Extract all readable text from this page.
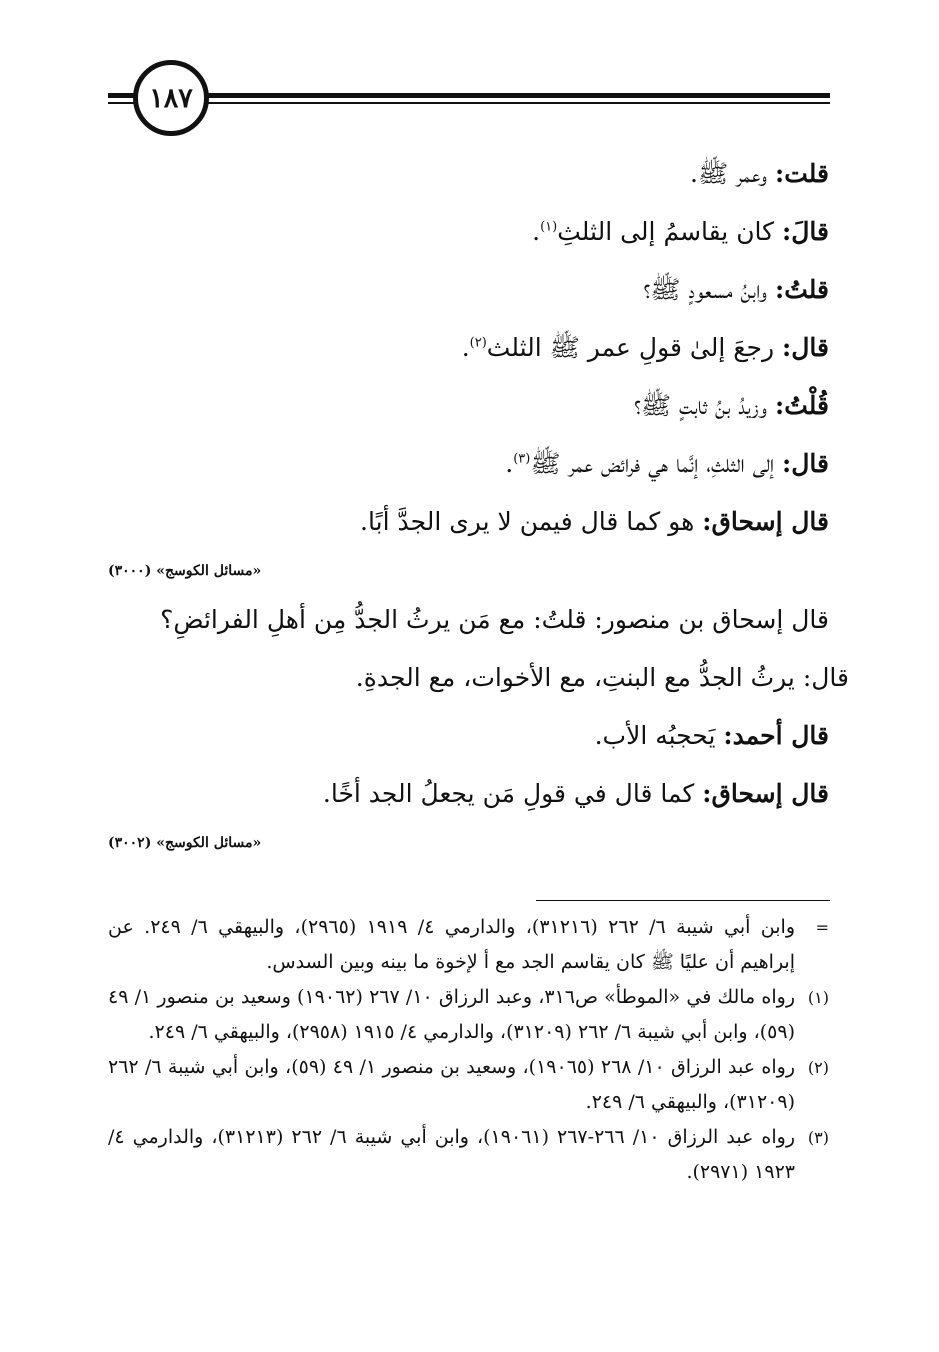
١٨٧
قلت: وعمر ﷺ.
قالَ: كان يقاسمُ إلى الثلثِ$^{(١)}$.
قلتُ: وابنُ مسعودٍ ﷺ؟
قال: رجعَ إلىٰ قولِ عمر ﷺ الثلث$^{(٢)}$.
قُلْتُ: وزيدُ بنُ ثابتٍ ﷺ؟
قال: إلى الثلثِ، إنَّما هي فرائض عمر ﷺ$^{(٣)}$.
قال إسحاق: هو كما قال فيمن لا يرى الجدَّ أبًا.
«مسائل الكوسج» (٣٠٠٠)
قال إسحاق بن منصور: قلتُ: مع مَن يرثُ الجدُّ مِن أهلِ الفرائضِ؟
قال: يرثُ الجدُّ مع البنتِ، مع الأخوات، مع الجدةِ.
قال أحمد: يَحجبُه الأب.
قال إسحاق: كما قال في قولِ مَن يجعلُ الجد أخًا.
«مسائل الكوسج» (٣٠٠٢)
=
وابن أبي شيبة ٦/ ٢٦٢ (٣١٢١٦)، والدارمي ٤/ ١٩١٩ (٢٩٦٥)، والبيهقي ٦/ ٢٤٩. عن إبراهيم أن عليًا ﷺ كان يقاسم الجد مع أ لإخوة ما بينه وبين السدس.
(١)
رواه مالك في «الموطأ» ص٣١٦، وعبد الرزاق ١٠/ ٢٦٧ (١٩٠٦٢) وسعيد بن منصور ١/ ٤٩ (٥٩)، وابن أبي شيبة ٦/ ٢٦٢ (٣١٢٠٩)، والدارمي ٤/ ١٩١٥ (٢٩٥٨)، والبيهقي ٦/ ٢٤٩.
(٢)
رواه عبد الرزاق ١٠/ ٢٦٨ (١٩٠٦٥)، وسعيد بن منصور ١/ ٤٩ (٥٩)، وابن أبي شيبة ٦/ ٢٦٢ (٣١٢٠٩)، والبيهقي ٦/ ٢٤٩.
(٣)
رواه عبد الرزاق ١٠/ ٢٦٦-٢٦٧ (١٩٠٦١)، وابن أبي شيبة ٦/ ٢٦٢ (٣١٢١٣)، والدارمي ٤/ ١٩٢٣ (٢٩٧١).
